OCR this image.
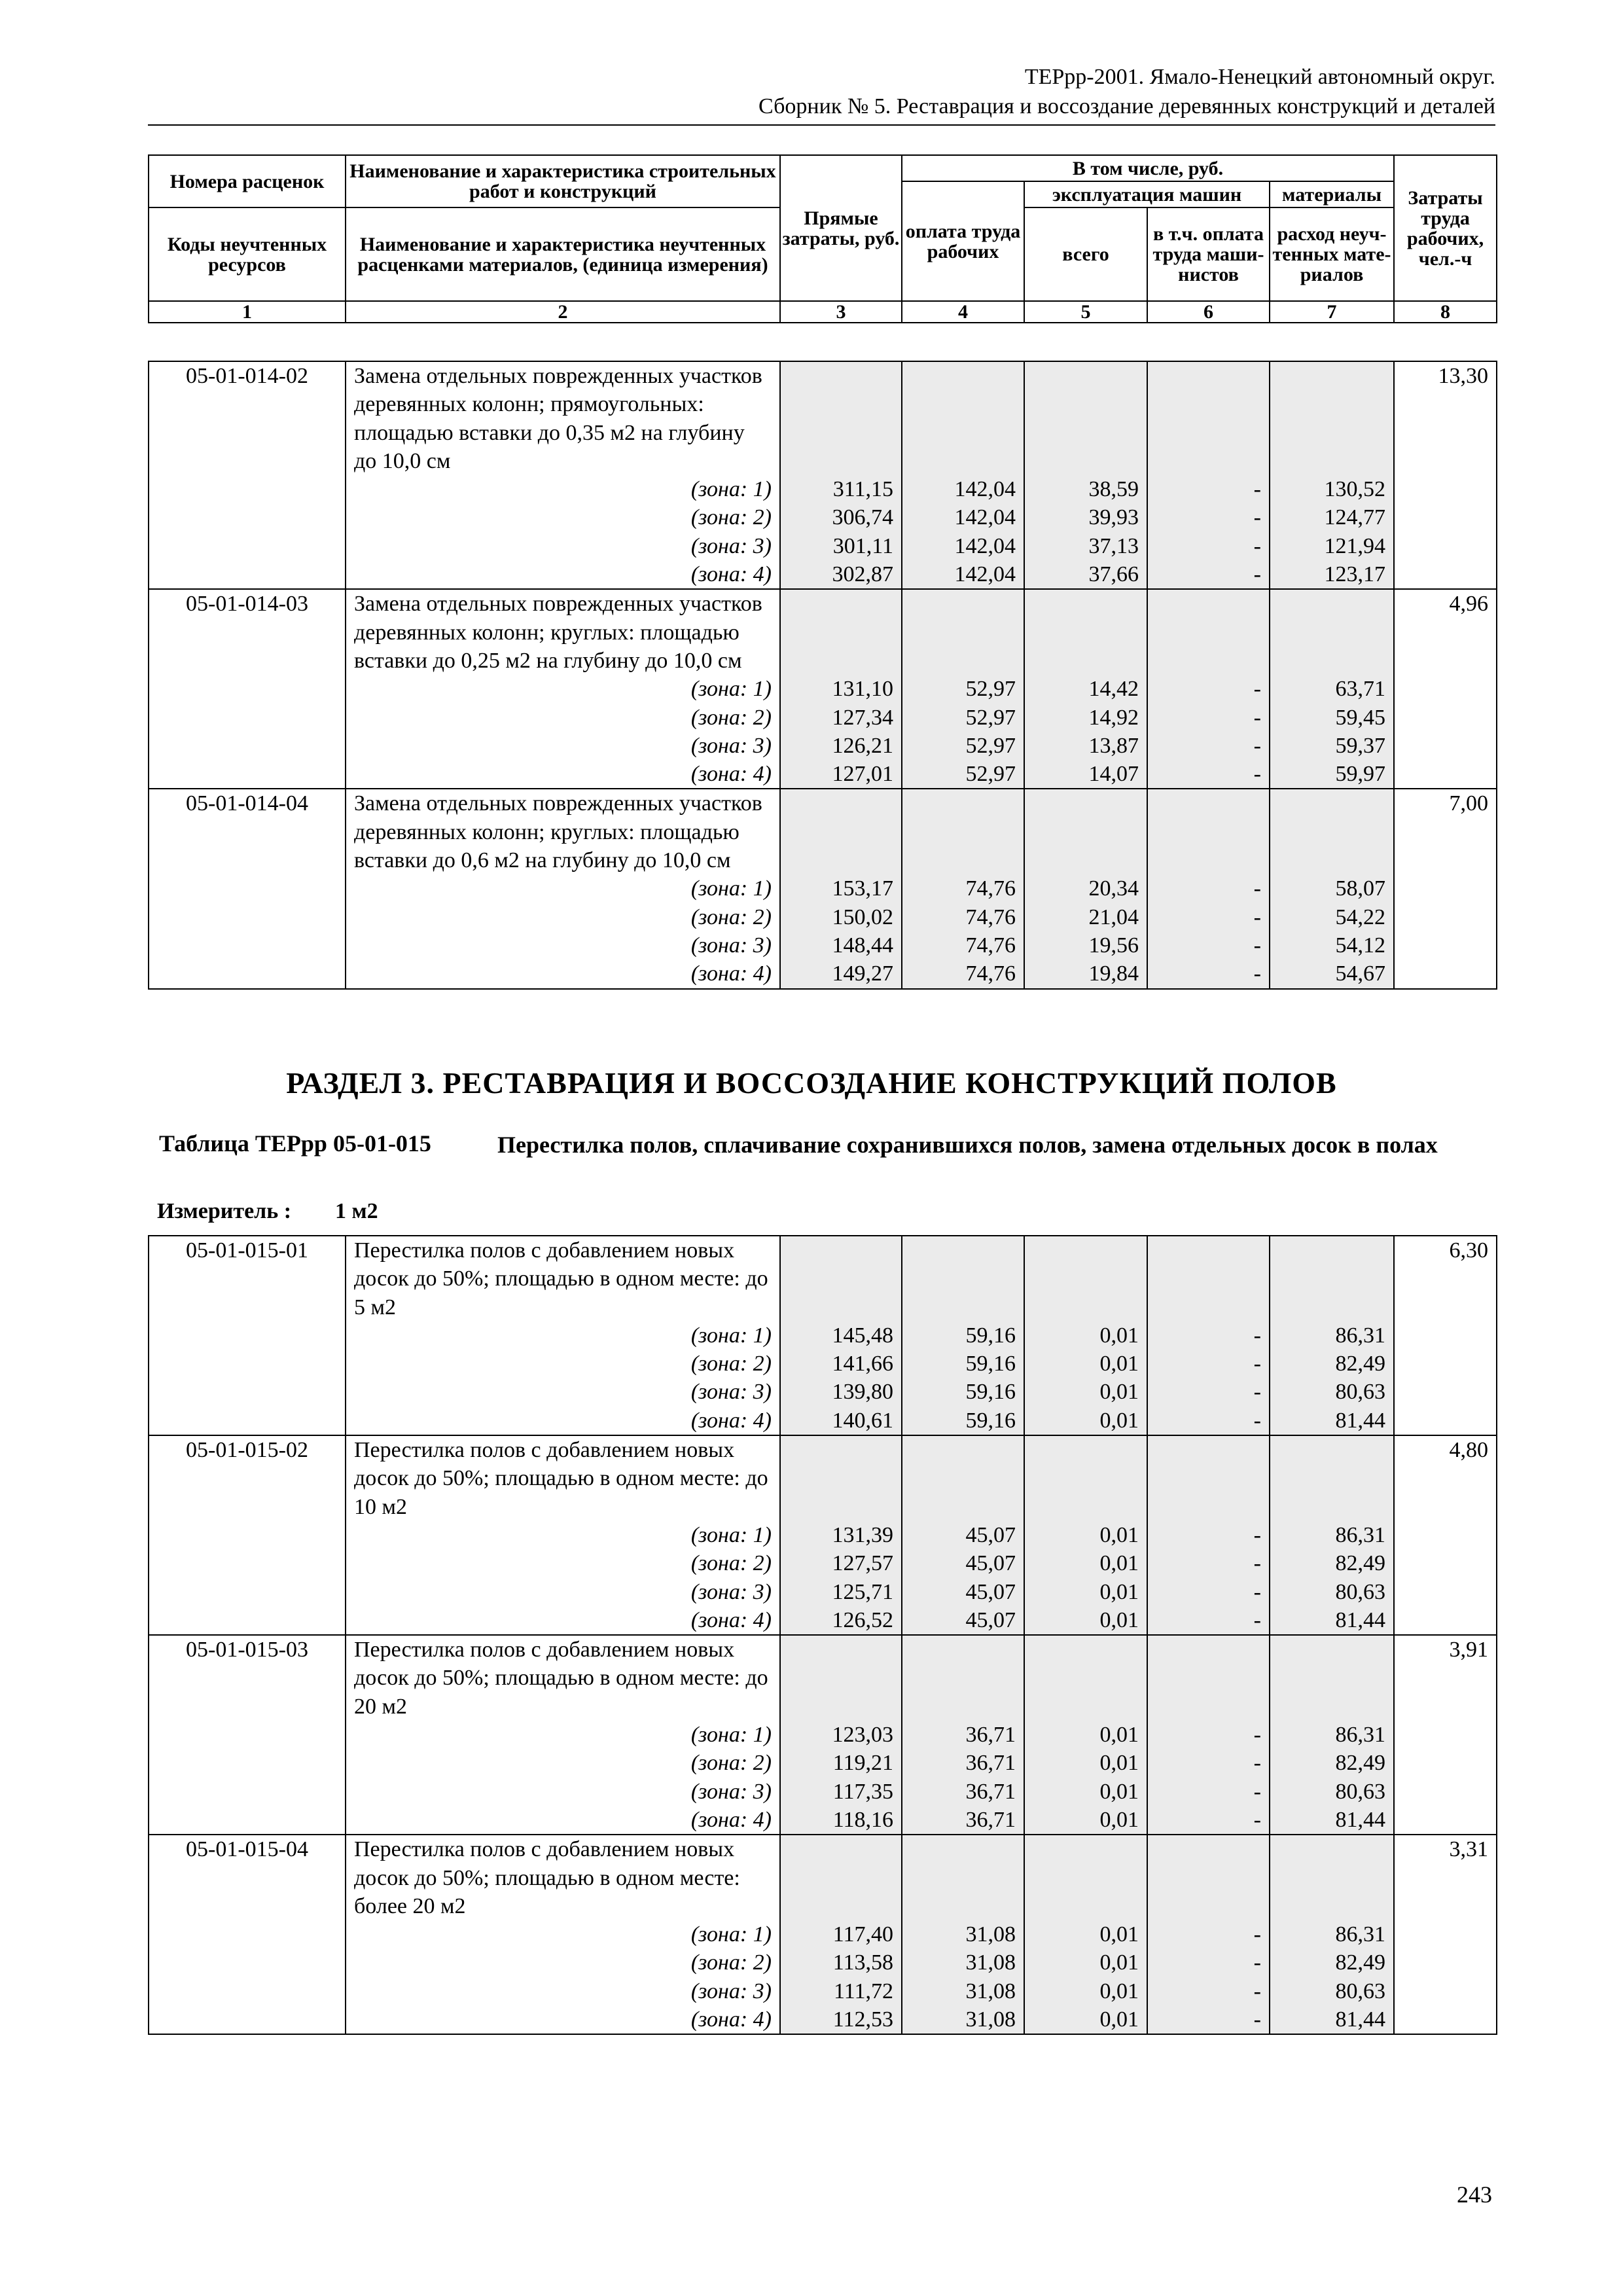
ТЕРрр-2001. Ямало-Ненецкий автономный округ.
Сборник № 5. Реставрация и воссоздание деревянных конструкций и деталей
Номера расценок	Наименование и характеристика строительных работ и конструкций	Прямые затраты, руб.	В том числе, руб.				Затраты труда рабочих, чел.-ч
			оплата труда рабочих	эксплуатация машин		материалы	
Коды неучтенных ресурсов	Наименование и характеристика неучтенных расценками материалов, (единица измерения)			всего	в т.ч. оплата труда маши-нистов	расход неуч-тенных мате-риалов	

1	2	3	4	5	6	7	8
05-01-014-02	Замена отдельных поврежденных участков деревянных колонн; прямоугольных: площадью вставки до 0,35 м2 на глубину до 10,0 см						13,30

	(зона: 1)	311,15	142,04	38,59	-	130,52	

	(зона: 2)	306,74	142,04	39,93	-	124,77	

	(зона: 3)	301,11	142,04	37,13	-	121,94	

	(зона: 4)	302,87	142,04	37,66	-	123,17	
05-01-014-03	Замена отдельных поврежденных участков деревянных колонн; круглых: площадью вставки до 0,25 м2 на глубину до 10,0 см						4,96

	(зона: 1)	131,10	52,97	14,42	-	63,71	

	(зона: 2)	127,34	52,97	14,92	-	59,45	

	(зона: 3)	126,21	52,97	13,87	-	59,37	

	(зона: 4)	127,01	52,97	14,07	-	59,97	
05-01-014-04	Замена отдельных поврежденных участков деревянных колонн; круглых: площадью вставки до 0,6 м2 на глубину до 10,0 см						7,00

	(зона: 1)	153,17	74,76	20,34	-	58,07	

	(зона: 2)	150,02	74,76	21,04	-	54,22	

	(зона: 3)	148,44	74,76	19,56	-	54,12	

	(зона: 4)	149,27	74,76	19,84	-	54,67	
РАЗДЕЛ 3. РЕСТАВРАЦИЯ И ВОССОЗДАНИЕ КОНСТРУКЦИЙ ПОЛОВ
Таблица ТЕРрр 05-01-015	Перестилка полов, сплачивание сохранившихся полов, замена отдельных досок в полах
Измеритель : 1 м2
05-01-015-01	Перестилка полов с добавлением новых досок до 50%; площадью в одном месте: до 5 м2						6,30

	(зона: 1)	145,48	59,16	0,01	-	86,31	

	(зона: 2)	141,66	59,16	0,01	-	82,49	

	(зона: 3)	139,80	59,16	0,01	-	80,63	

	(зона: 4)	140,61	59,16	0,01	-	81,44	
05-01-015-02	Перестилка полов с добавлением новых досок до 50%; площадью в одном месте: до 10 м2						4,80

	(зона: 1)	131,39	45,07	0,01	-	86,31	

	(зона: 2)	127,57	45,07	0,01	-	82,49	

	(зона: 3)	125,71	45,07	0,01	-	80,63	

	(зона: 4)	126,52	45,07	0,01	-	81,44	
05-01-015-03	Перестилка полов с добавлением новых досок до 50%; площадью в одном месте: до 20 м2						3,91

	(зона: 1)	123,03	36,71	0,01	-	86,31	

	(зона: 2)	119,21	36,71	0,01	-	82,49	

	(зона: 3)	117,35	36,71	0,01	-	80,63	

	(зона: 4)	118,16	36,71	0,01	-	81,44	
05-01-015-04	Перестилка полов с добавлением новых досок до 50%; площадью в одном месте: более 20 м2						3,31

	(зона: 1)	117,40	31,08	0,01	-	86,31	

	(зона: 2)	113,58	31,08	0,01	-	82,49	

	(зона: 3)	111,72	31,08	0,01	-	80,63	

	(зона: 4)	112,53	31,08	0,01	-	81,44	
243
